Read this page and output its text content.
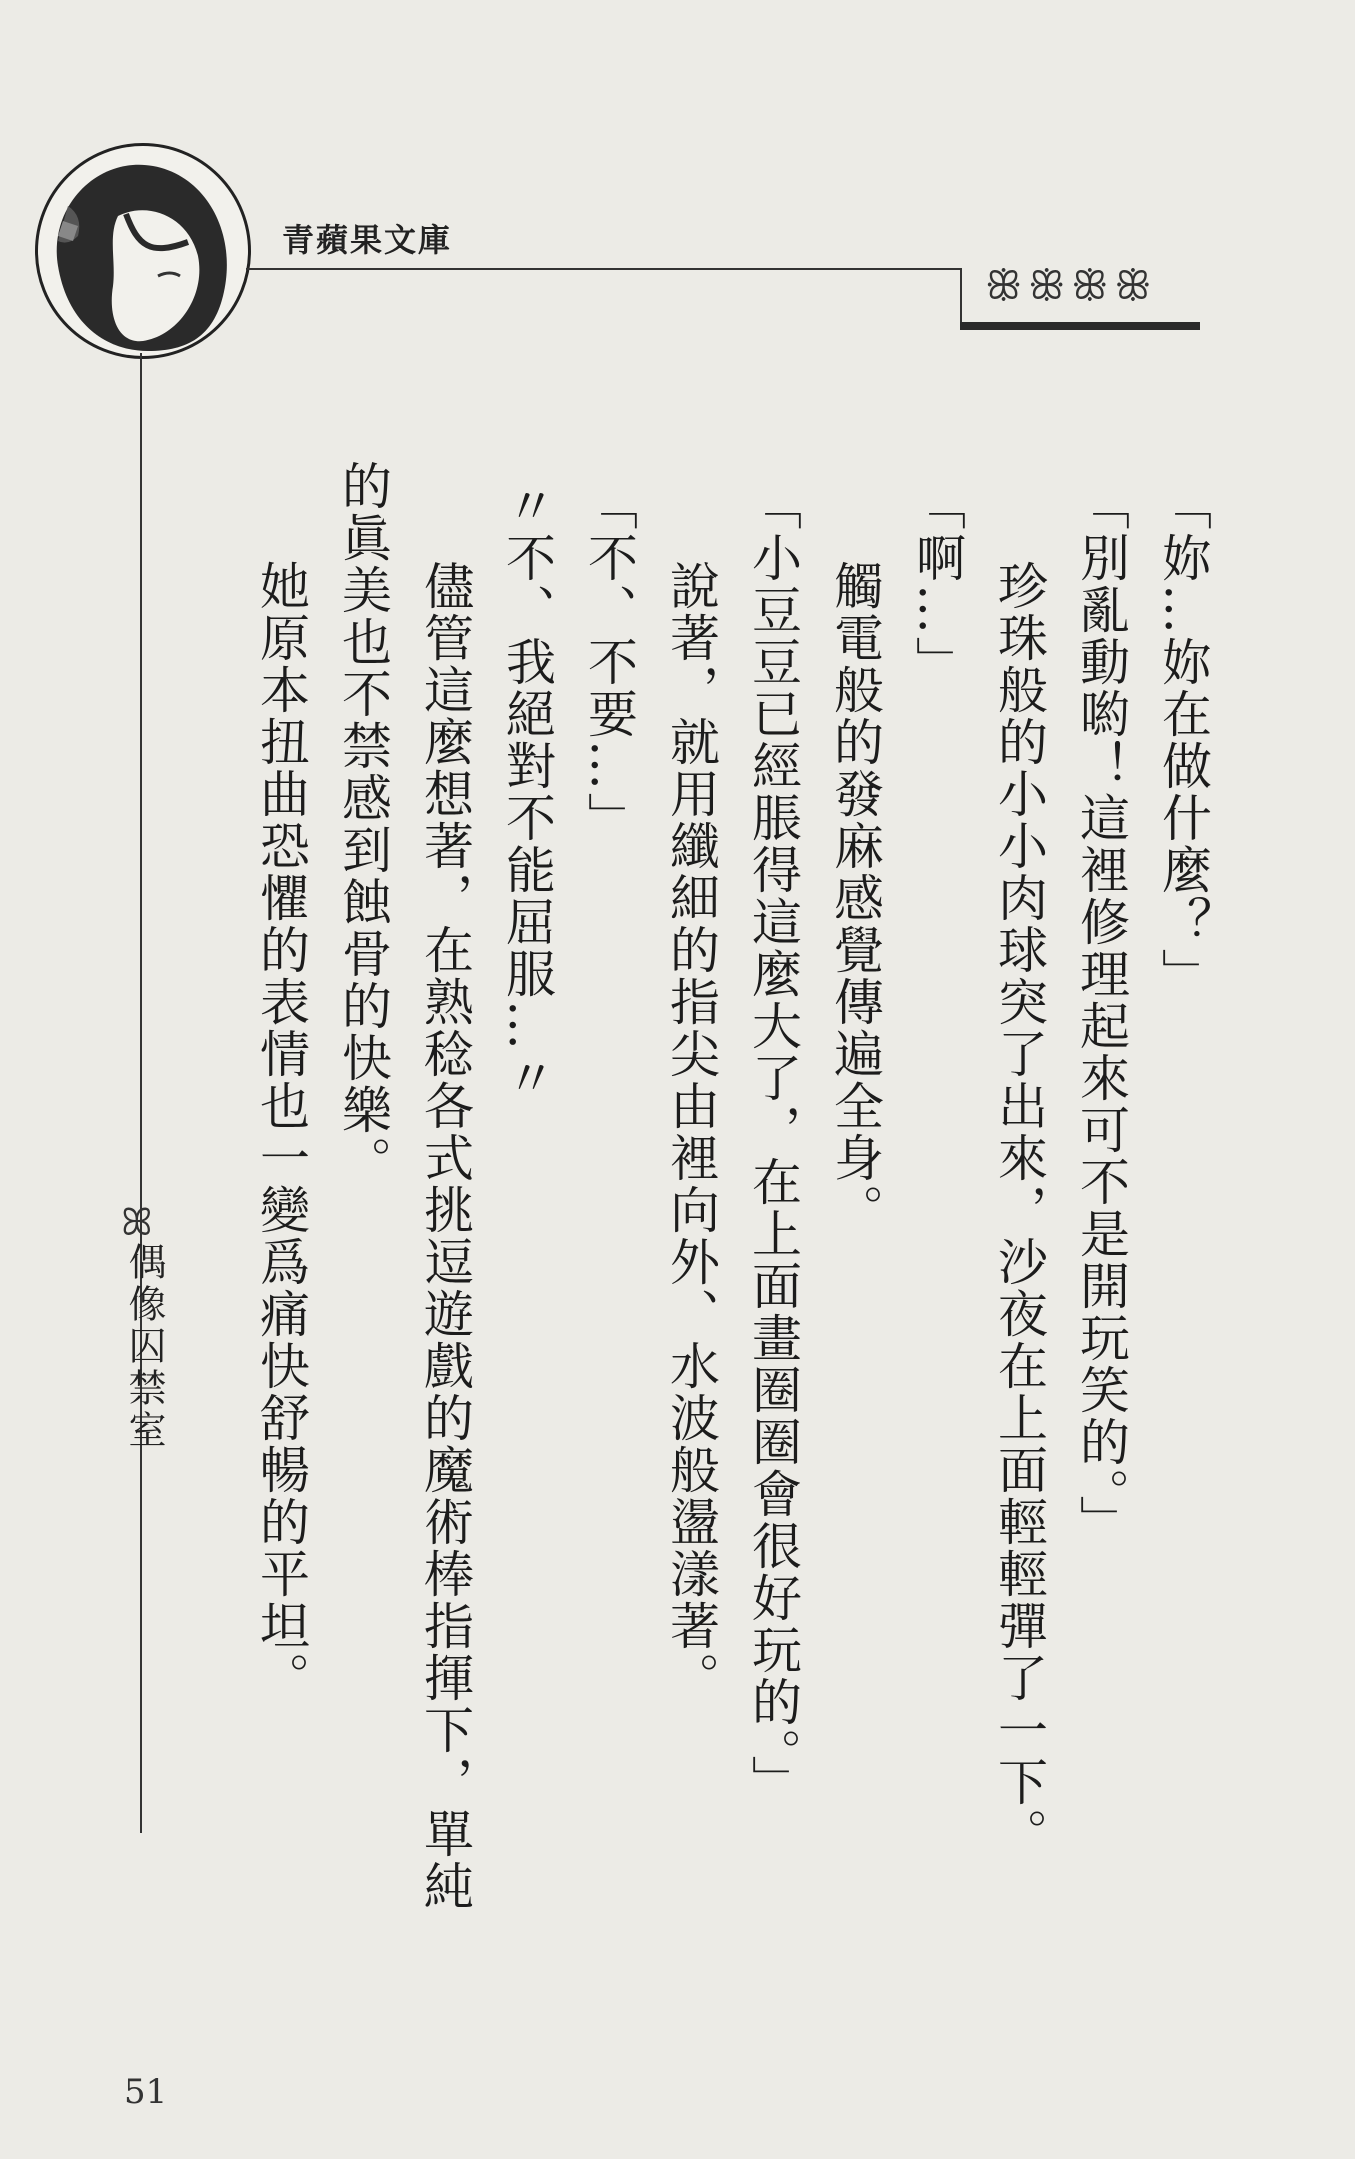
青蘋果文庫
ꕥꕥꕥꕥ
ꕤ
偶像囚禁室
「妳…妳在做什麼？」
「別亂動喲！這裡修理起來可不是開玩笑的。」
珍珠般的小小肉球突了出來，沙夜在上面輕輕彈了一下。
「啊…」
觸電般的發麻感覺傳遍全身。
「小豆豆已經脹得這麼大了，在上面畫圈圈會很好玩的。」
說著，就用纖細的指尖由裡向外、水波般盪漾著。
「不、不要…」
〃不、我絕對不能屈服…〃
儘管這麼想著，在熟稔各式挑逗遊戲的魔術棒指揮下，單純
的眞美也不禁感到蝕骨的快樂。
她原本扭曲恐懼的表情也一變爲痛快舒暢的平坦。
51
